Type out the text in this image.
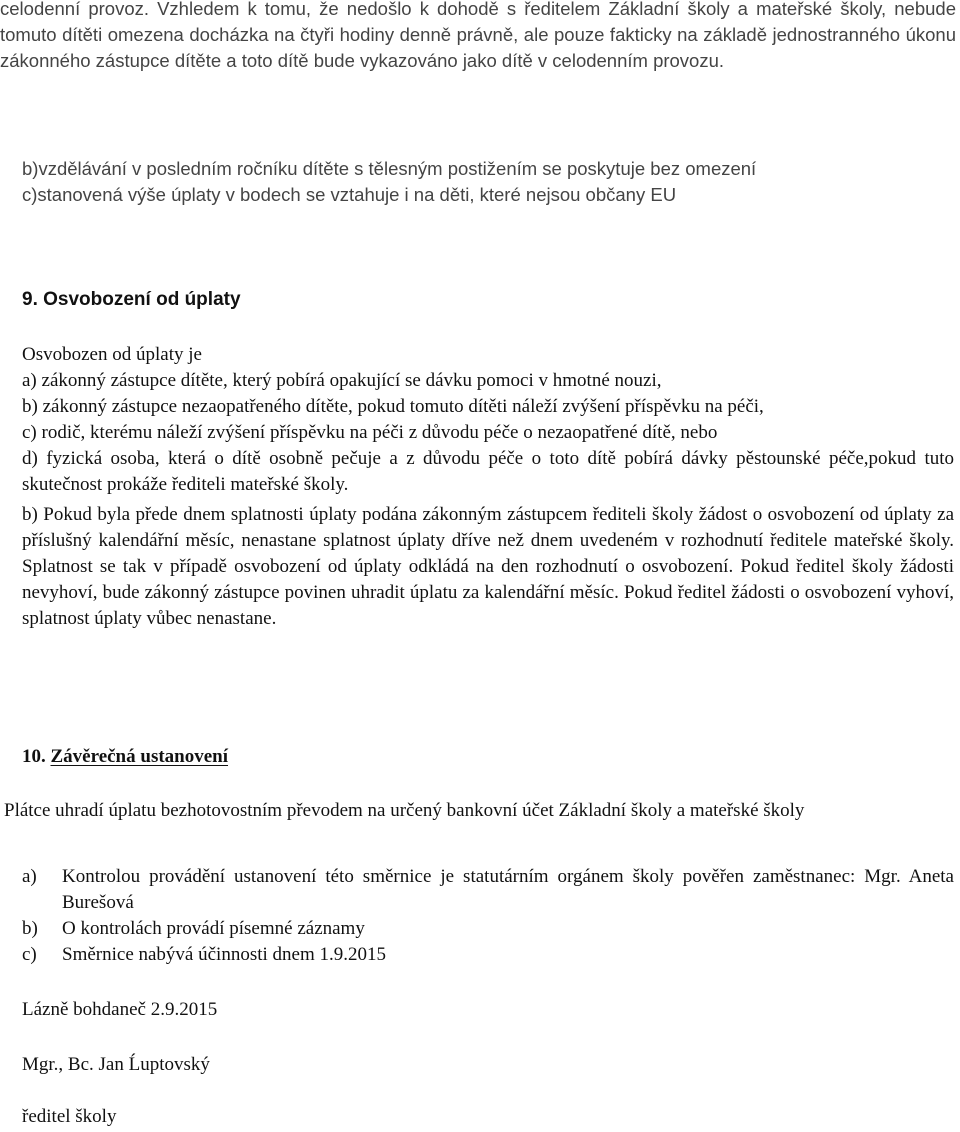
celodenní provoz. Vzhledem k tomu, že nedošlo k dohodě s ředitelem Základní školy a mateřské školy, nebude tomuto dítěti omezena docházka na čtyři hodiny denně právně, ale pouze fakticky na základě jednostranného úkonu zákonného zástupce dítěte a toto dítě bude vykazováno jako dítě v celodenním provozu.
b)vzdělávání v posledním ročníku dítěte s tělesným postižením se poskytuje bez omezení
c)stanovená výše úplaty v bodech se vztahuje i na děti, které nejsou občany EU
9. Osvobození od úplaty
Osvobozen od úplaty je
a) zákonný zástupce dítěte, který pobírá opakující se dávku pomoci v hmotné nouzi,
b) zákonný zástupce nezaopatřeného dítěte, pokud tomuto dítěti náleží zvýšení příspěvku na péči,
c) rodič, kterému náleží zvýšení příspěvku na péči z důvodu péče o nezaopatřené dítě, nebo
d) fyzická osoba, která o dítě osobně pečuje a z důvodu péče o toto dítě pobírá dávky pěstounské péče,pokud tuto skutečnost prokáže řediteli mateřské školy.
b) Pokud byla přede dnem splatnosti úplaty podána zákonným zástupcem řediteli školy žádost o osvobození od úplaty za příslušný kalendářní měsíc, nenastane splatnost úplaty dříve než dnem uvedeném v rozhodnutí ředitele mateřské školy. Splatnost se tak v případě osvobození od úplaty odkládá na den rozhodnutí o osvobození. Pokud ředitel školy žádosti nevyhoví, bude zákonný zástupce povinen uhradit úplatu za kalendářní měsíc. Pokud ředitel žádosti o osvobození vyhoví, splatnost úplaty vůbec nenastane.
10. Závěrečná ustanovení
Plátce uhradí úplatu bezhotovostním převodem na určený bankovní účet Základní školy a mateřské školy
a)	Kontrolou provádění ustanovení této směrnice je statutárním orgánem školy pověřen zaměstnanec: Mgr. Aneta Burešová
b)	O kontrolách provádí písemné záznamy
c)	Směrnice nabývá účinnosti dnem 1.9.2015
Lázně bohdaneč 2.9.2015
Mgr., Bc. Jan Ĺuptovský
ředitel školy
